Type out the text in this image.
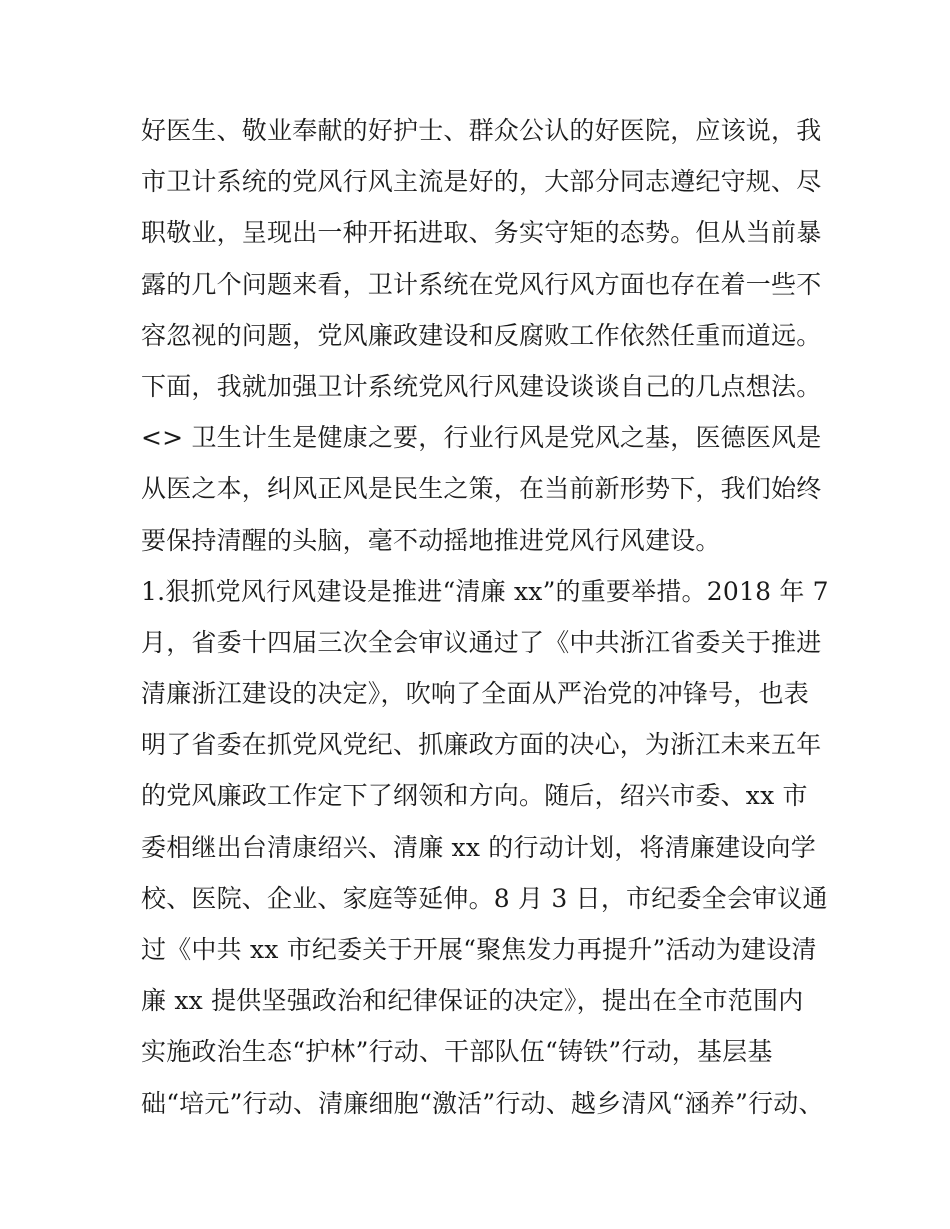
好医生、敬业奉献的好护士、群众公认的好医院，应该说，我
市卫计系统的党风行风主流是好的，大部分同志遵纪守规、尽
职敬业，呈现出一种开拓进取、务实守矩的态势。但从当前暴
露的几个问题来看，卫计系统在党风行风方面也存在着一些不
容忽视的问题，党风廉政建设和反腐败工作依然任重而道远。
下面，我就加强卫计系统党风行风建设谈谈自己的几点想法。
<> 卫生计生是健康之要，行业行风是党风之基，医德医风是
从医之本，纠风正风是民生之策，在当前新形势下，我们始终
要保持清醒的头脑，毫不动摇地推进党风行风建设。
1.狠抓党风行风建设是推进“清廉 xx”的重要举措。2018 年 7
月，省委十四届三次全会审议通过了《中共浙江省委关于推进
清廉浙江建设的决定》，吹响了全面从严治党的冲锋号，也表
明了省委在抓党风党纪、抓廉政方面的决心，为浙江未来五年
的党风廉政工作定下了纲领和方向。随后，绍兴市委、xx 市
委相继出台清康绍兴、清廉 xx 的行动计划，将清廉建设向学
校、医院、企业、家庭等延伸。8 月 3 日，市纪委全会审议通
过《中共 xx 市纪委关于开展“聚焦发力再提升”活动为建设清
廉 xx 提供坚强政治和纪律保证的决定》，提出在全市范围内
实施政治生态“护林”行动、干部队伍“铸铁”行动，基层基
础“培元”行动、清廉细胞“激活”行动、越乡清风“涵养”行动、
